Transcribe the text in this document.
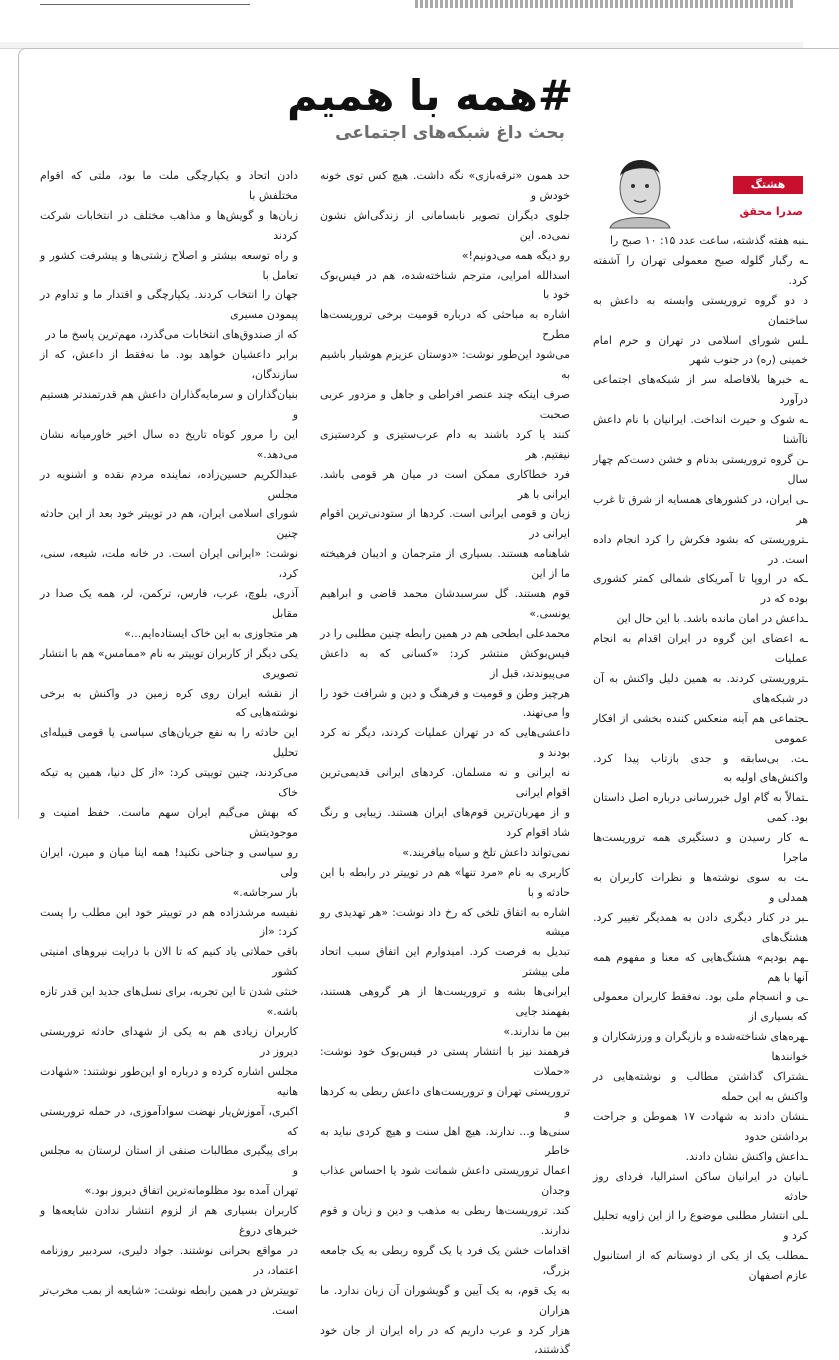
#همه با همیم
بحث داغ شبکه‌های اجتماعی
هشتگ
صدرا محقق

ـنبه هفته گذشته، ساعت عدد ۱۵: ۱۰ صبح را

ـه رگبار گلوله صبح معمولی تهران را آشفته کرد.

د دو گروه تروریستی وابسته به داعش به ساختمان

ـلس شورای اسلامی در تهران و حرم امام خمینی (ره) در جنوب شهر

ـه خبرها بلافاصله سر از شبکه‌های اجتماعی درآورد

ـه شوک و حیرت انداخت. ایرانیان با نام داعش ناآشنا

ـن گروه تروریستی بدنام و خشن دست‌کم چهار سال

ـی ایران، در کشورهای همسایه از شرق تا غرب هر

ـتروریستی که بشود فکرش را کرد انجام داده است. در

ـکه در اروپا تا آمریکای شمالی کمتر کشوری بوده که در

ـداعش در امان مانده باشد. با این حال این

ـه اعضای این گروه در ایران اقدام به انجام عملیات

ـتروریستی کردند. به همین دلیل واکنش به آن در شبکه‌های

ـجتماعی هم آینه منعکس کننده بخشی از افکار عمومی

ـت. بی‌سابقه و جدی بازتاب پیدا کرد. واکنش‌های اولیه به

ـتمالاً به گام اول خبررسانی درباره اصل داستان بود. کمی

ـه کار رسیدن و دستگیری همه تروریست‌ها ماجرا

ـت به سوی نوشته‌ها و نظرات کاربران به همدلی و

ـبر در کنار دیگری دادن به همدیگر تغییر کرد. هشتگ‌های

ـهم بودیم» هشتگ‌هایی که معنا و مفهوم همه آنها با هم

ـی و انسجام ملی بود. نه‌فقط کاربران معمولی که بسیاری از

ـهره‌های شناخته‌شده و بازیگران و ورزشکاران و خوانندها

ـشتراک گذاشتن مطالب و نوشته‌هایی در واکنش به این حمله

ـنشان دادند به شهادت ۱۷ هموطن و جراحت برداشتن حدود

ـداعش واکنش نشان دادند.

ـانیان در ایرانیان ساکن استرالیا، فردای روز حادثه

ـلی انتشار مطلبی موضوع را از این زاویه تحلیل کرد و

ـمطلب یک از یکی از دوستانم که از استانبول عازم اصفهان

حد همون «ترقه‌بازی» نگه داشت. هیچ کس توی خونه خودش و

جلوی دیگران تصویر نابسامانی از زندگی‌اش نشون نمی‌ده. این

رو دیگه همه می‌دونیم!»

اسدالله امرایی، مترجم شناخته‌شده، هم در فیس‌بوک خود با

اشاره به مباحثی که درباره قومیت برخی تروریست‌ها مطرح

می‌شود این‌طور نوشت: «دوستان عزیزم هوشیار باشیم به

صرف اینکه چند عنصر افراطی و جاهل و مزدور عربی صحبت

کنند یا کرد باشند به دام عرب‌ستیزی و کردستیزی نیفتیم. هر

فرد خطاکاری ممکن است در میان هر قومی باشد. ایرانی با هر

زبان و قومی ایرانی است. کردها از ستودنی‌ترین اقوام ایرانی در

شاهنامه هستند. بسیاری از مترجمان و ادیبان فرهیخته ما از این

قوم هستند. گل سرسبدشان محمد قاضی و ابراهیم یونسی.»

محمدعلی ابطحی هم در همین رابطه چنین مطلبی را در

فیس‌بوکش منتشر کرد: «کسانی که به داعش می‌پیوندند، قبل از

هرچیز وطن و قومیت و فرهنگ و دین و شرافت خود را وا می‌نهند.

داعشی‌هایی که در تهران عملیات کردند، دیگر نه کرد بودند و

نه ایرانی و نه مسلمان. کردهای ایرانی قدیمی‌ترین اقوام ایرانی

و از مهربان‌ترین قوم‌های ایران هستند. زیبایی و رنگ شاد اقوام کرد

نمی‌تواند داعش تلخ و سیاه بیافریند.»

کاربری به نام «مرد تنها» هم در توییتر در رابطه با این حادثه و با

اشاره به اتفاق تلخی که رخ داد نوشت: «هر تهدیدی رو میشه

تبدیل به فرصت کرد. امیدوارم این اتفاق سبب اتحاد ملی بیشتر

ایرانی‌ها بشه و تروریست‌ها از هر گروهی هستند، بفهمند جایی

بین ما ندارند.»

فرهمند نیز با انتشار پستی در فیس‌بوک خود نوشت: «حملات

تروریستی تهران و تروریست‌های داعش ربطی به کردها و

سنی‌ها و... ندارند. هیچ اهل سنت و هیچ کردی نباید به خاطر

اعمال تروریستی داعش شماتت شود یا احساس عذاب وجدان

کند. تروریست‌ها ربطی به مذهب و دین و زبان و قوم ندارند.

اقدامات خشن یک فرد یا یک گروه ربطی به یک جامعه بزرگ،

به یک قوم، به یک آیین و گویشوران آن زبان ندارد. ما هزاران

هزار کرد و عرب داریم که در راه ایران از جان خود گذشتند،

دادن اتحاد و یکپارچگی ملت ما بود، ملتی که اقوام مختلفش با

زبان‌ها و گویش‌ها و مذاهب مختلف در انتخابات شرکت کردند

و راه توسعه بیشتر و اصلاح زشتی‌ها و پیشرفت کشور و تعامل با

جهان را انتخاب کردند. یکپارچگی و اقتدار ما و تداوم در پیمودن مسیری

که از صندوق‌های انتخابات می‌گذرد، مهم‌ترین پاسخ ما در

برابر داعشیان خواهد بود. ما نه‌فقط از داعش، که از سازندگان،

بنیان‌گذاران و سرمایه‌گذاران داعش هم قدرتمندتر هستیم و

این را مرور کوتاه تاریخ ده سال اخیر خاورمیانه نشان می‌دهد.»

عبدالکریم حسین‌زاده، نماینده مردم نقده و اشنویه در مجلس

شورای اسلامی ایران، هم در توییتر خود بعد از این حادثه چنین

نوشت: «ایرانی ایران است. در خانه ملت، شیعه، سنی، کرد،

آذری، بلوچ، عرب، فارس، ترکمن، لر، همه یک صدا در مقابل

هر متجاوزی به این خاک ایستاده‌ایم...»

یکی دیگر از کاربران توییتر به نام «ممامس» هم با انتشار تصویری

از نقشه ایران روی کره زمین در واکنش به برخی نوشته‌هایی که

این حادثه را به نفع جریان‌های سیاسی یا قومی قبیله‌ای تحلیل

می‌کردند، چنین توییتی کرد: «از کل دنیا، همین یه تیکه خاک

که بهش می‌گیم ایران سهم ماست. حفظ امنیت و موجودیتش

رو سیاسی و جناحی نکنید! همه اینا میان و میرن، ایران ولی

باز سرجاشه.»

نفیسه مرشدزاده هم در توییتر خود این مطلب را پست کرد: «از

باقی حملاتی یاد کنیم که تا الان با درایت نیروهای امنیتی کشور

خنثی شدن تا این تجربه، برای نسل‌های جدید این قدر تازه باشه.»

کاربران زیادی هم به یکی از شهدای حادثه تروریستی دیروز در

مجلس اشاره کرده و درباره او این‌طور نوشتند: «شهادت هانیه

اکبری، آموزش‌یار نهضت سوادآموزی، در حمله تروریستی که

برای پیگیری مطالبات صنفی از استان لرستان به مجلس و

تهران آمده بود مظلومانه‌ترین اتفاق دیروز بود.»

کاربران بسیاری هم از لزوم انتشار ندادن شایعه‌ها و خبرهای دروغ

در مواقع بحرانی نوشتند. جواد دلیری، سردبیر روزنامه اعتماد، در

توییترش در همین رابطه نوشت: «شایعه از بمب مخرب‌تر است.
